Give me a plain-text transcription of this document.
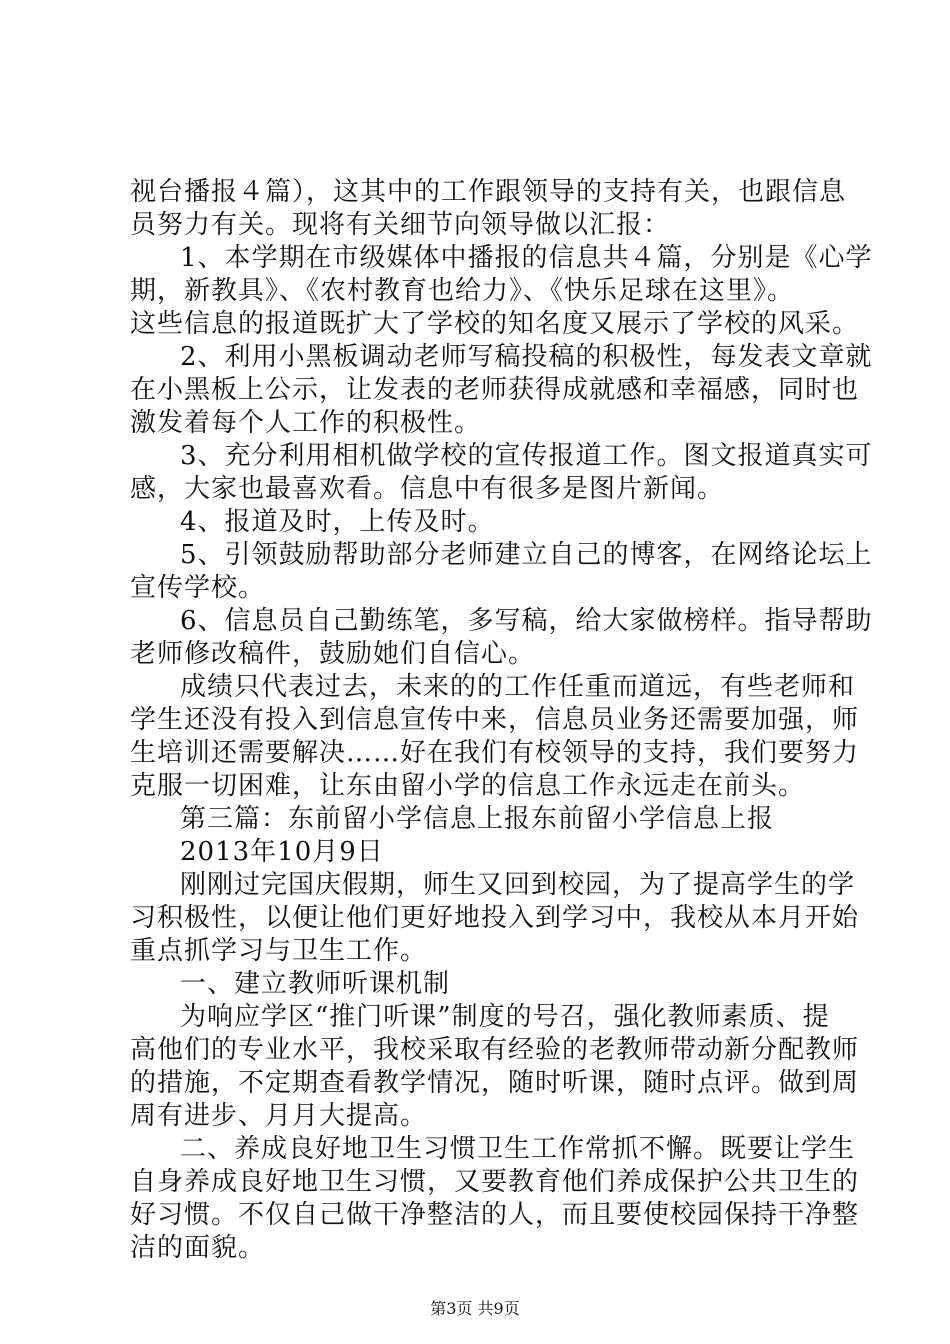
视台播报４篇），这其中的工作跟领导的支持有关，也跟信息
员努力有关。现将有关细节向领导做以汇报：
1、本学期在市级媒体中播报的信息共４篇，分别是《心学
期，新教具》、《农村教育也给力》、《快乐足球在这里》。
这些信息的报道既扩大了学校的知名度又展示了学校的风采。
2、利用小黑板调动老师写稿投稿的积极性，每发表文章就
在小黑板上公示，让发表的老师获得成就感和幸福感，同时也
激发着每个人工作的积极性。
3、充分利用相机做学校的宣传报道工作。图文报道真实可
感，大家也最喜欢看。信息中有很多是图片新闻。
4、报道及时，上传及时。
5、引领鼓励帮助部分老师建立自己的博客，在网络论坛上
宣传学校。
6、信息员自己勤练笔，多写稿，给大家做榜样。指导帮助
老师修改稿件，鼓励她们自信心。
成绩只代表过去，未来的的工作任重而道远，有些老师和
学生还没有投入到信息宣传中来，信息员业务还需要加强，师
生培训还需要解决……好在我们有校领导的支持，我们要努力
克服一切困难，让东由留小学的信息工作永远走在前头。
第三篇：东前留小学信息上报东前留小学信息上报
2013年10月9日
刚刚过完国庆假期，师生又回到校园，为了提高学生的学
习积极性，以便让他们更好地投入到学习中，我校从本月开始
重点抓学习与卫生工作。
一、建立教师听课机制
为响应学区“推门听课”制度的号召，强化教师素质、提
高他们的专业水平，我校采取有经验的老教师带动新分配教师
的措施，不定期查看教学情况，随时听课，随时点评。做到周
周有进步、月月大提高。
二、养成良好地卫生习惯卫生工作常抓不懈。既要让学生
自身养成良好地卫生习惯，又要教育他们养成保护公共卫生的
好习惯。不仅自己做干净整洁的人，而且要使校园保持干净整
洁的面貌。
第3页 共9页
